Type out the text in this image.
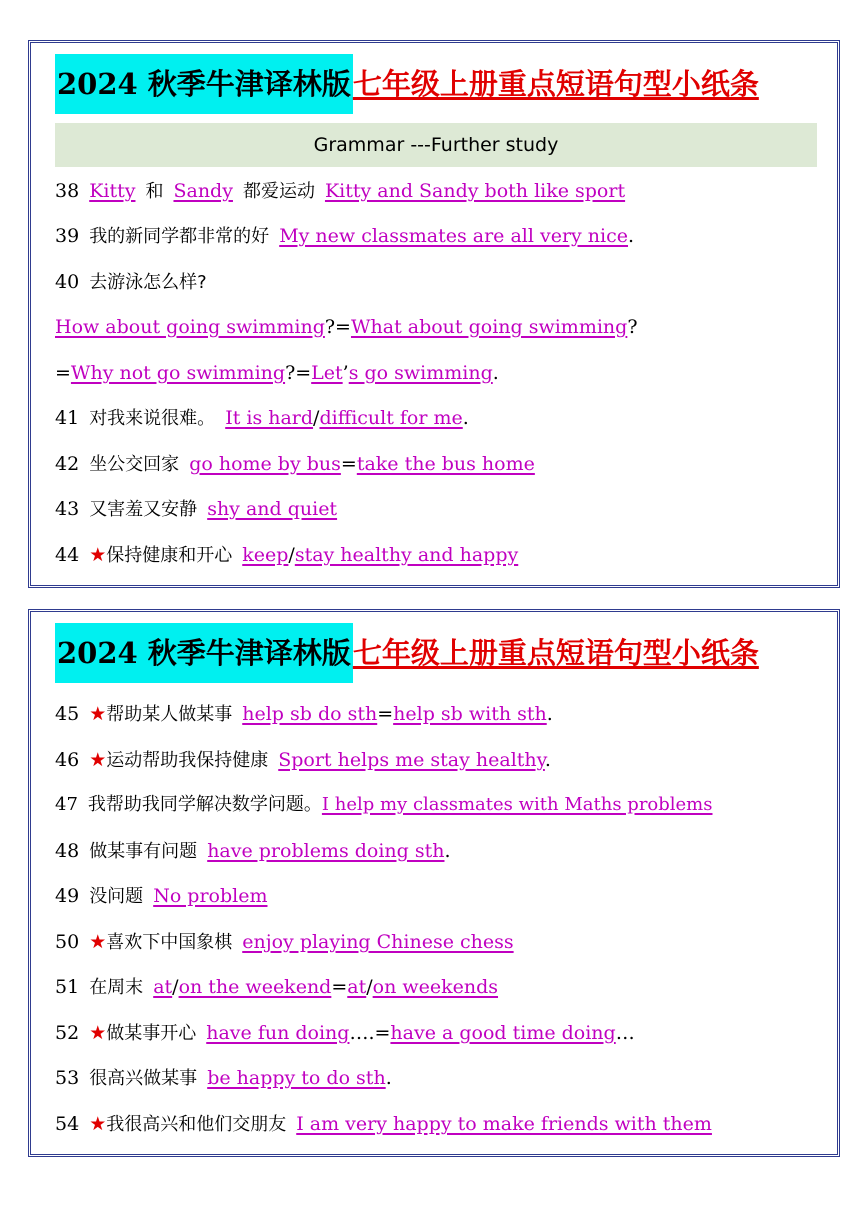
2024 秋季牛津译林版七年级上册重点短语句型小纸条
Grammar ---Further study
38 Kitty 和 Sandy 都爱运动 Kitty and Sandy both like sport
39 我的新同学都非常的好 My new classmates are all very nice.
40 去游泳怎么样?
How about going swimming?=What about going swimming?
=Why not go swimming?=Let’s go swimming.
41 对我来说很难。 It is hard/difficult for me.
42 坐公交回家 go home by bus=take the bus home
43 又害羞又安静 shy and quiet
44 ★保持健康和开心 keep/stay healthy and happy
2024 秋季牛津译林版七年级上册重点短语句型小纸条
45 ★帮助某人做某事 help sb do sth=help sb with sth.
46 ★运动帮助我保持健康 Sport helps me stay healthy.
47 我帮助我同学解决数学问题。I help my classmates with Maths problems
48 做某事有问题 have problems doing sth.
49 没问题 No problem
50 ★喜欢下中国象棋 enjoy playing Chinese chess
51 在周末 at/on the weekend=at/on weekends
52 ★做某事开心 have fun doing….=have a good time doing…
53 很高兴做某事 be happy to do sth.
54 ★我很高兴和他们交朋友 I am very happy to make friends with them
